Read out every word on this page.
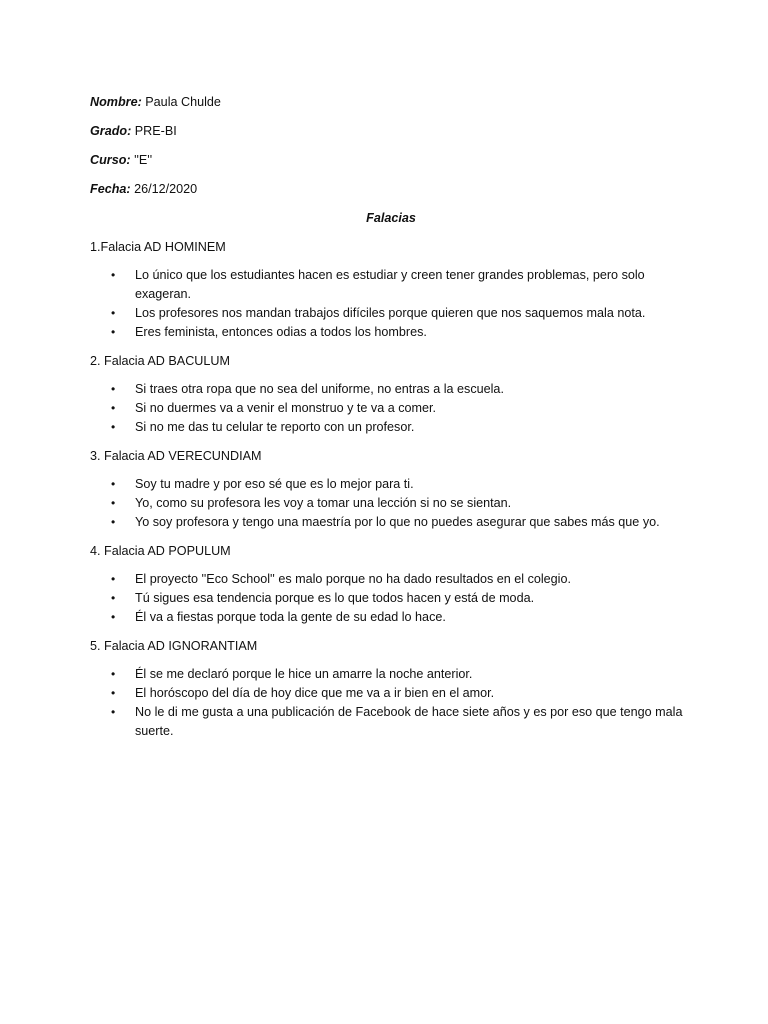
Nombre: Paula Chulde
Grado: PRE-BI
Curso: ''E''
Fecha: 26/12/2020
Falacias
1.Falacia AD HOMINEM
• Lo único que los estudiantes hacen es estudiar y creen tener grandes problemas, pero solo exageran.
• Los profesores nos mandan trabajos difíciles porque quieren que nos saquemos mala nota.
• Eres feminista, entonces odias a todos los hombres.
2. Falacia AD BACULUM
• Si traes otra ropa que no sea del uniforme, no entras a la escuela.
• Si no duermes va a venir el monstruo y te va a comer.
• Si no me das tu celular te reporto con un profesor.
3. Falacia AD VERECUNDIAM
• Soy tu madre y por eso sé que es lo mejor para ti.
• Yo, como su profesora les voy a tomar una lección si no se sientan.
• Yo soy profesora y tengo una maestría por lo que no puedes asegurar que sabes más que yo.
4. Falacia AD POPULUM
• El proyecto ''Eco School'' es malo porque no ha dado resultados en el colegio.
• Tú sigues esa tendencia porque es lo que todos hacen y está de moda.
• Él va a fiestas porque toda la gente de su edad lo hace.
5. Falacia AD IGNORANTIAM
• Él se me declaró porque le hice un amarre la noche anterior.
• El horóscopo del día de hoy dice que me va a ir bien en el amor.
• No le di me gusta a una publicación de Facebook de hace siete años y es por eso que tengo mala suerte.
